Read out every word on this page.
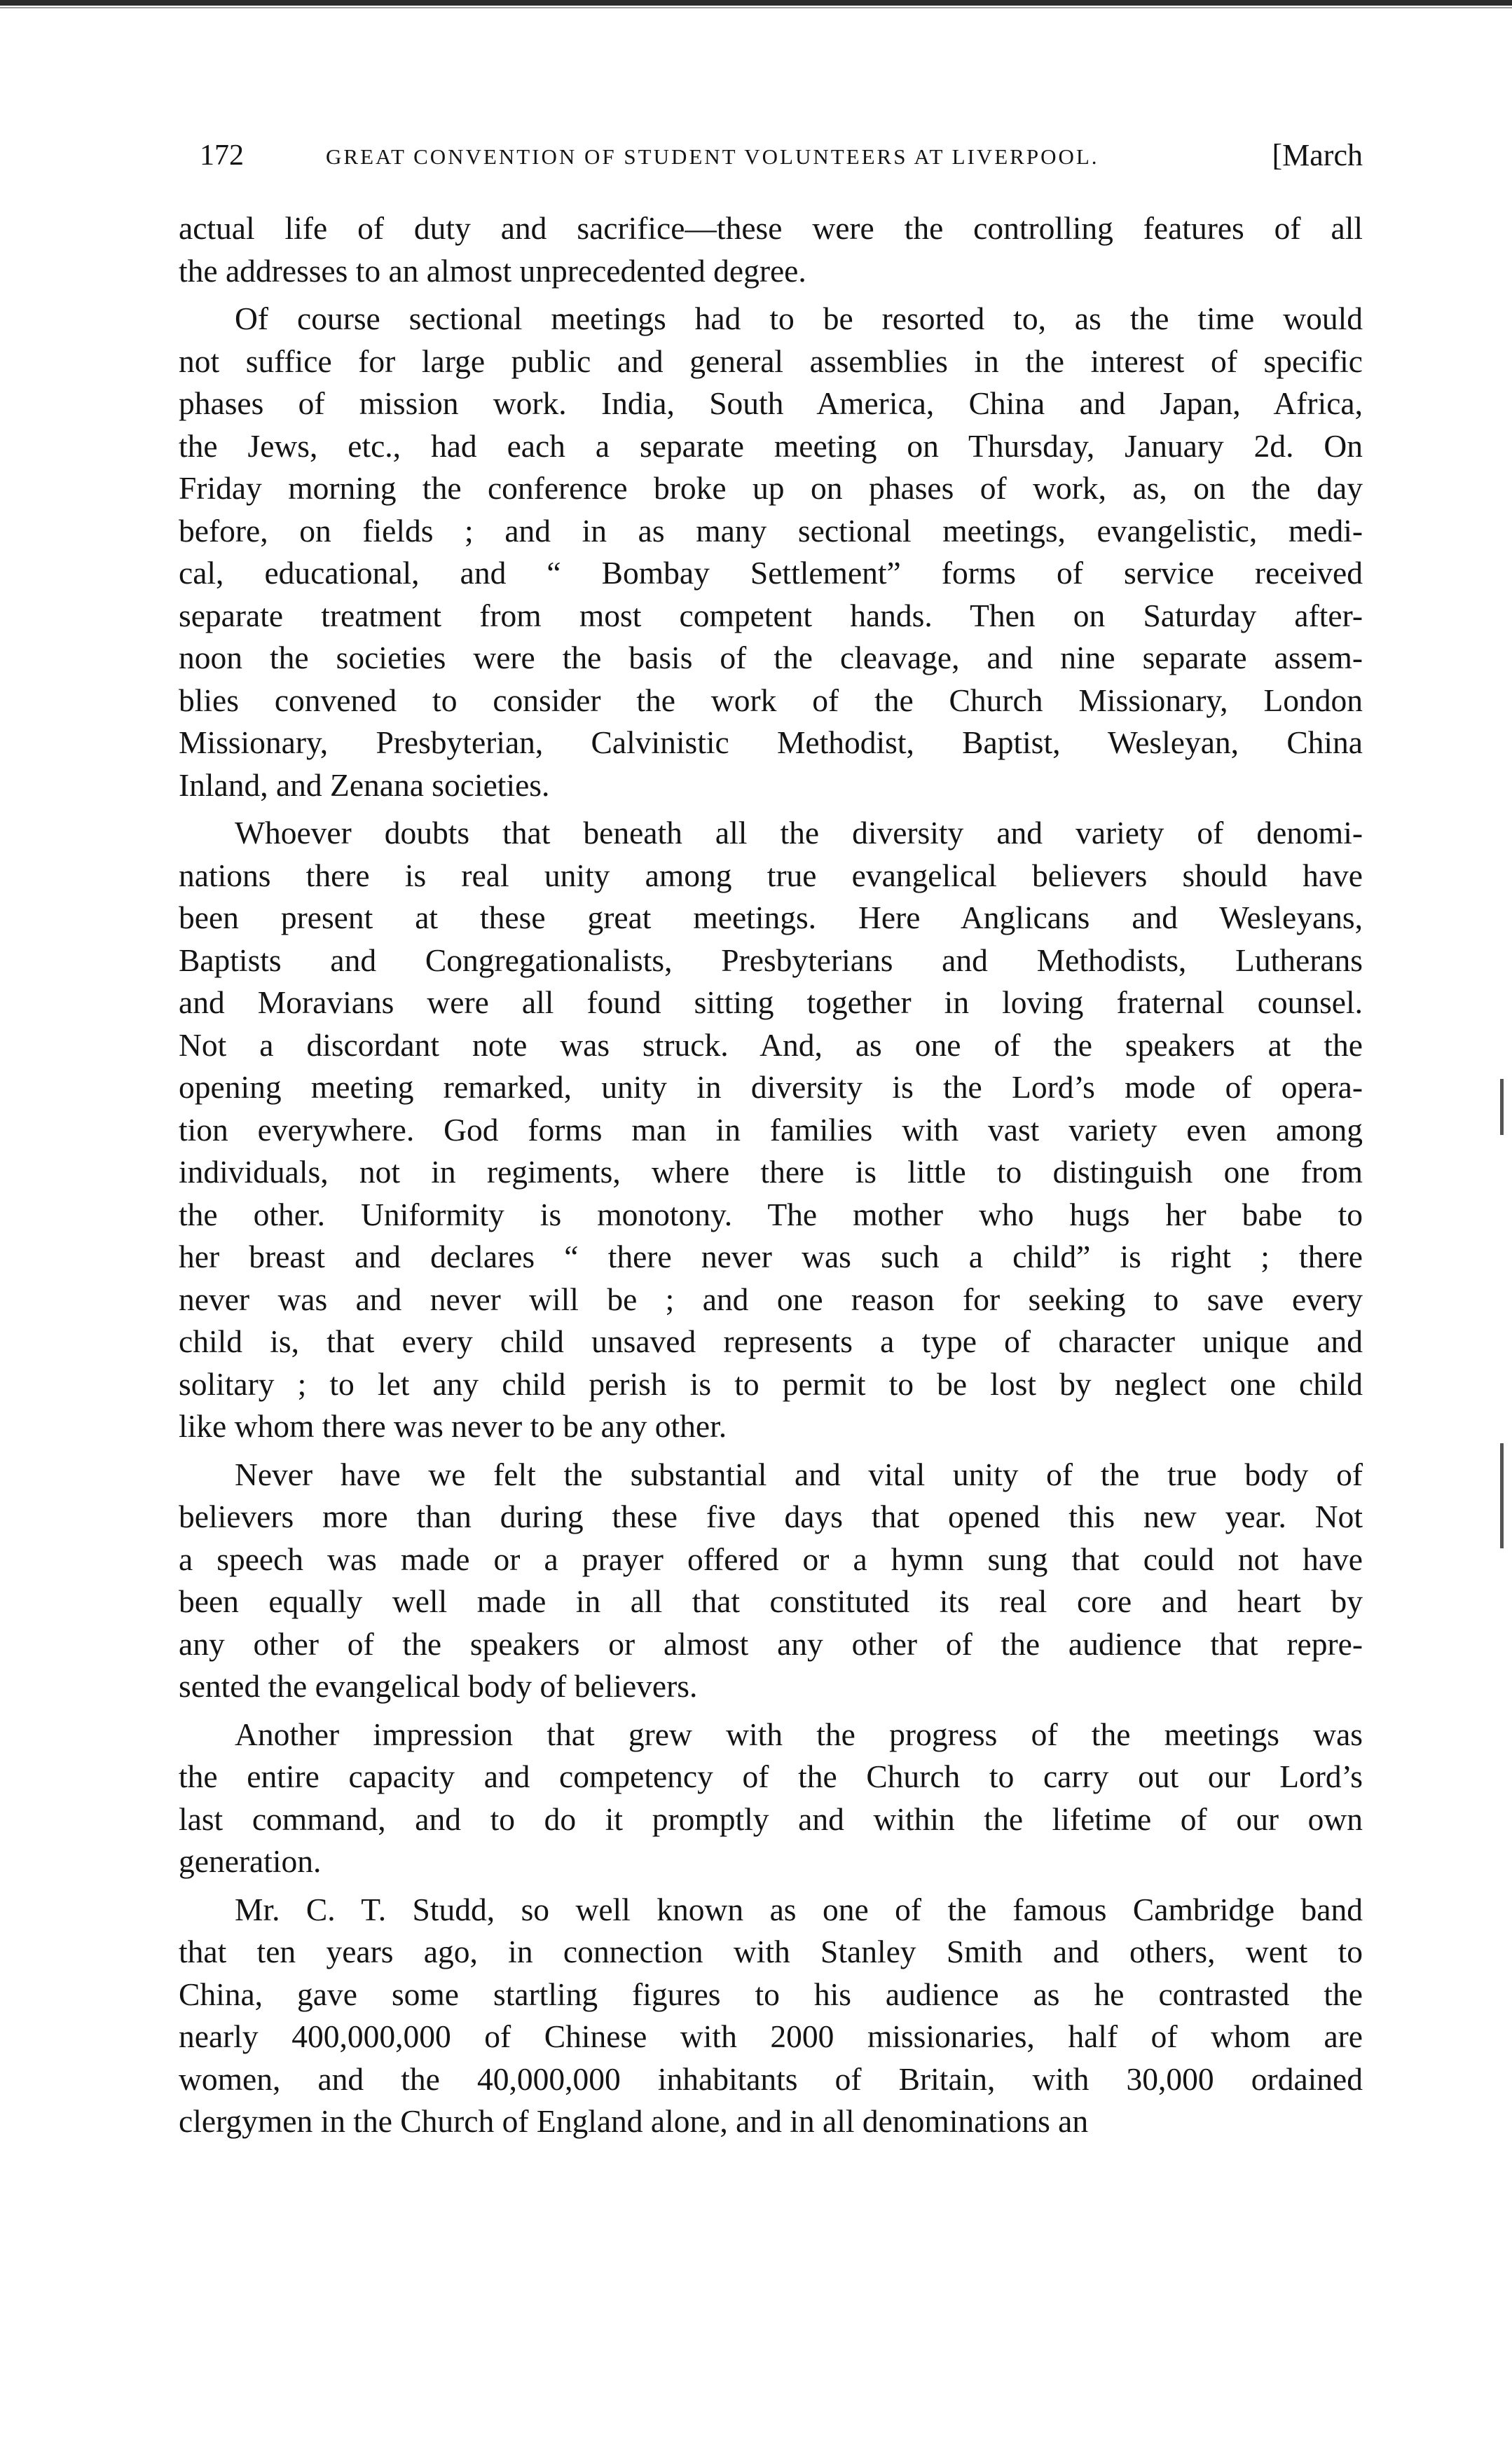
172	GREAT CONVENTION OF STUDENT VOLUNTEERS AT LIVERPOOL.	[March
actual life of duty and sacrifice—these were the controlling features of all
the addresses to an almost unprecedented degree.
Of course sectional meetings had to be resorted to, as the time would
not suffice for large public and general assemblies in the interest of specific
phases of mission work. India, South America, China and Japan, Africa,
the Jews, etc., had each a separate meeting on Thursday, January 2d. On
Friday morning the conference broke up on phases of work, as, on the day
before, on fields ; and in as many sectional meetings, evangelistic, medi-
cal, educational, and “ Bombay Settlement” forms of service received
separate treatment from most competent hands. Then on Saturday after-
noon the societies were the basis of the cleavage, and nine separate assem-
blies convened to consider the work of the Church Missionary, London
Missionary, Presbyterian, Calvinistic Methodist, Baptist, Wesleyan, China
Inland, and Zenana societies.
Whoever doubts that beneath all the diversity and variety of denomi-
nations there is real unity among true evangelical believers should have
been present at these great meetings. Here Anglicans and Wesleyans,
Baptists and Congregationalists, Presbyterians and Methodists, Lutherans
and Moravians were all found sitting together in loving fraternal counsel.
Not a discordant note was struck. And, as one of the speakers at the
opening meeting remarked, unity in diversity is the Lord’s mode of opera-
tion everywhere. God forms man in families with vast variety even among
individuals, not in regiments, where there is little to distinguish one from
the other. Uniformity is monotony. The mother who hugs her babe to
her breast and declares “ there never was such a child” is right ; there
never was and never will be ; and one reason for seeking to save every
child is, that every child unsaved represents a type of character unique and
solitary ; to let any child perish is to permit to be lost by neglect one child
like whom there was never to be any other.
Never have we felt the substantial and vital unity of the true body of
believers more than during these five days that opened this new year. Not
a speech was made or a prayer offered or a hymn sung that could not have
been equally well made in all that constituted its real core and heart by
any other of the speakers or almost any other of the audience that repre-
sented the evangelical body of believers.
Another impression that grew with the progress of the meetings was
the entire capacity and competency of the Church to carry out our Lord’s
last command, and to do it promptly and within the lifetime of our own
generation.
Mr. C. T. Studd, so well known as one of the famous Cambridge band
that ten years ago, in connection with Stanley Smith and others, went to
China, gave some startling figures to his audience as he contrasted the
nearly 400,000,000 of Chinese with 2000 missionaries, half of whom are
women, and the 40,000,000 inhabitants of Britain, with 30,000 ordained
clergymen in the Church of England alone, and in all denominations an
